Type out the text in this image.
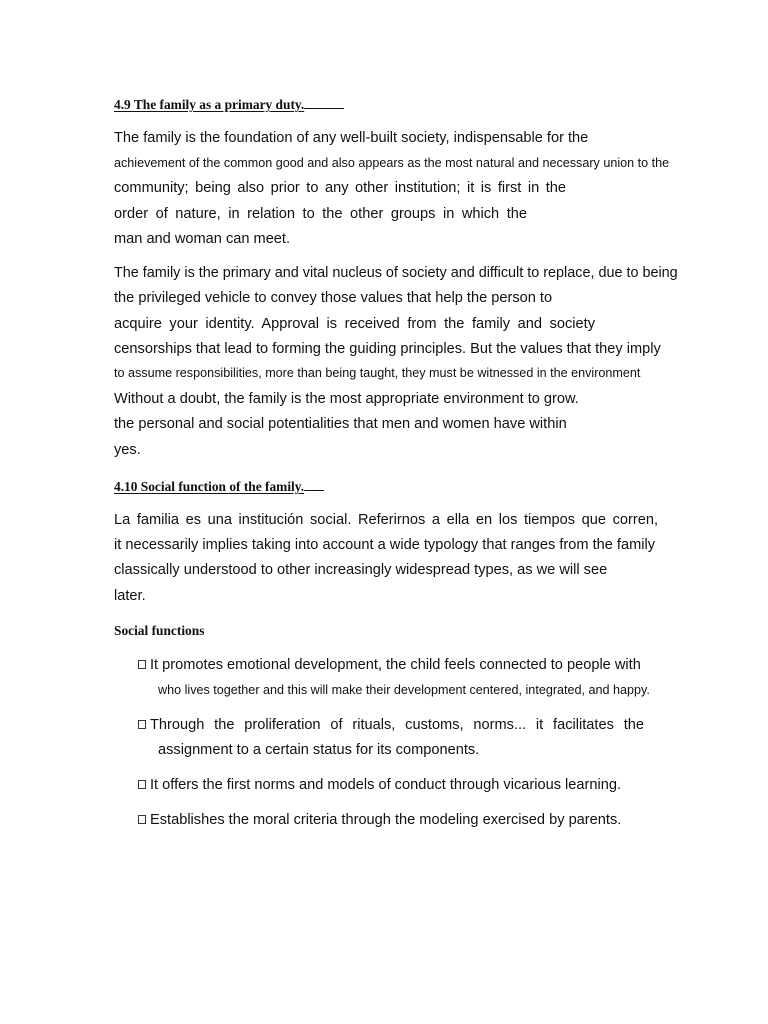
4.9 The family as a primary duty.
The family is the foundation of any well-built society, indispensable for the
achievement of the common good and also appears as the most natural and necessary union to the
community; being also prior to any other institution; it is first in the
order of nature, in relation to the other groups in which the
man and woman can meet.
The family is the primary and vital nucleus of society and difficult to replace, due to being
the privileged vehicle to convey those values that help the person to
acquire your identity. Approval is received from the family and society
censorships that lead to forming the guiding principles. But the values that they imply
to assume responsibilities, more than being taught, they must be witnessed in the environment
Without a doubt, the family is the most appropriate environment to grow.
the personal and social potentialities that men and women have within
yes.
4.10 Social function of the family.
La familia es una institución social. Referirnos a ella en los tiempos que corren,
it necessarily implies taking into account a wide typology that ranges from the family
classically understood to other increasingly widespread types, as we will see
later.
Social functions
It promotes emotional development, the child feels connected to people with
who lives together and this will make their development centered, integrated, and happy.
Through the proliferation of rituals, customs, norms... it facilitates the
assignment to a certain status for its components.
It offers the first norms and models of conduct through vicarious learning.
Establishes the moral criteria through the modeling exercised by parents.
